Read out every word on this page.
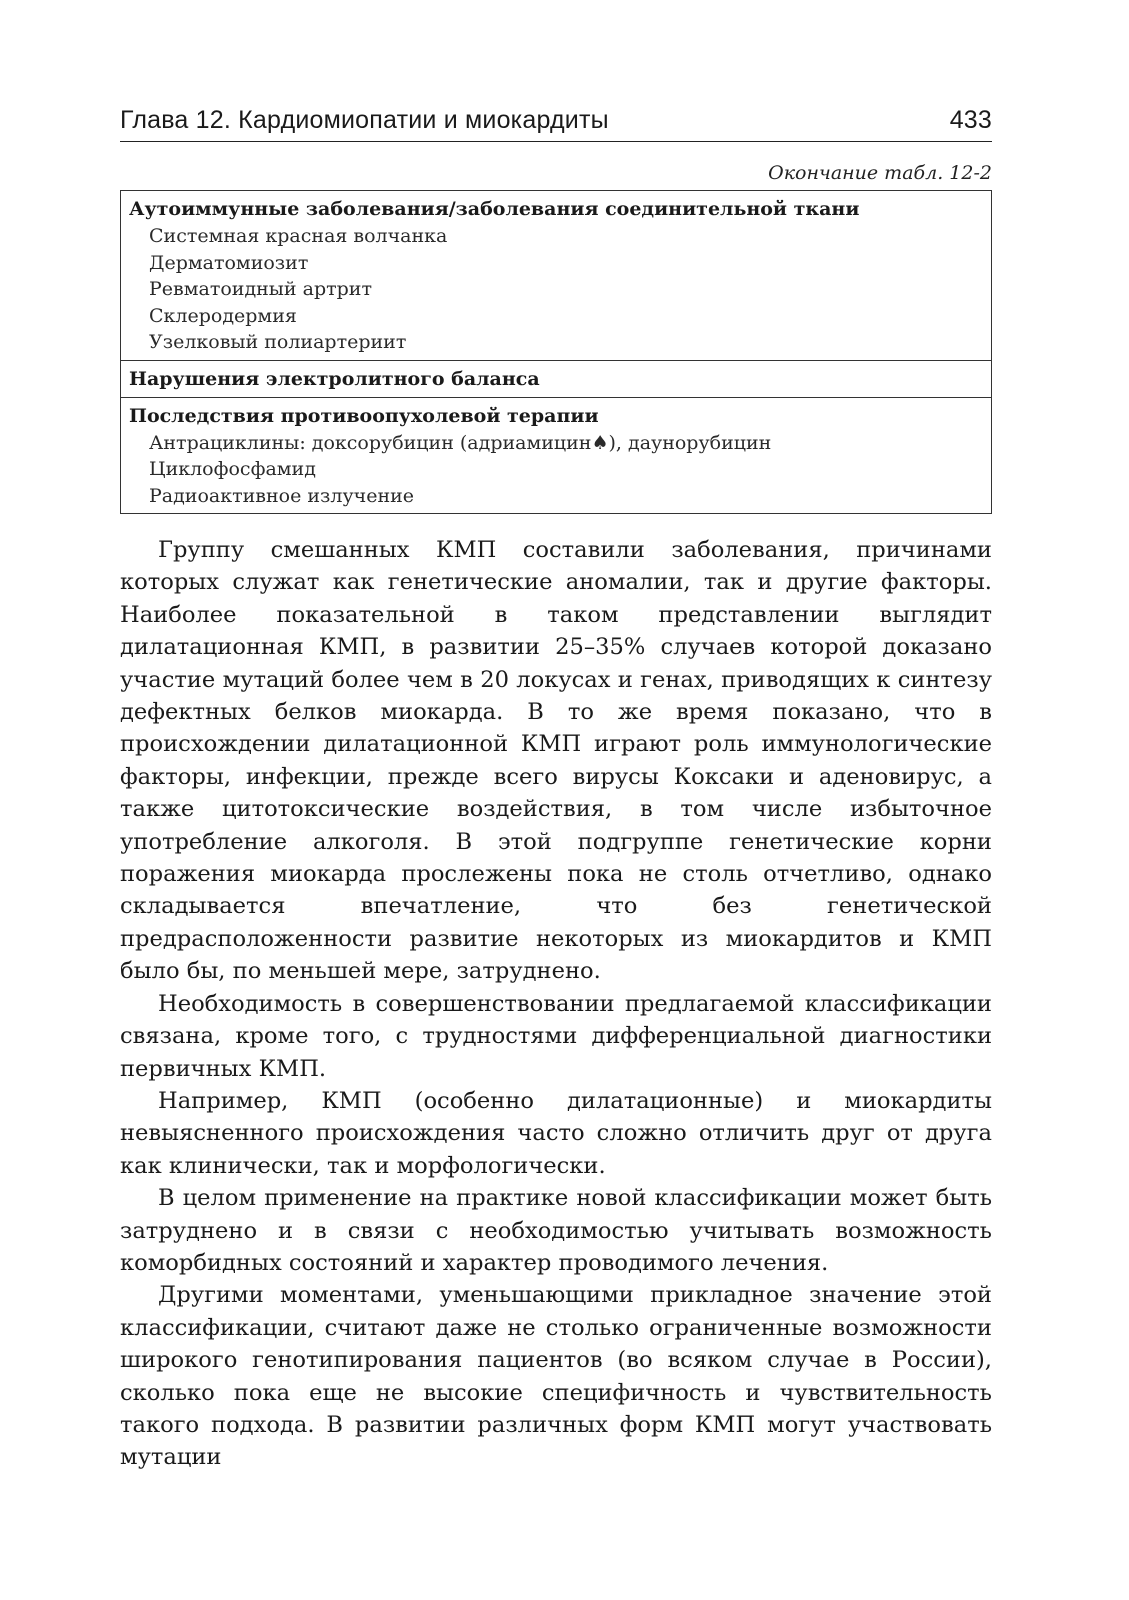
Глава 12. Кардиомиопатии и миокардиты	433
Окончание табл. 12-2
Аутоиммунные заболевания/заболевания соединительной ткани
Системная красная волчанка
Дерматомиозит
Ревматоидный артрит
Склеродермия
Узелковый полиартериит

Нарушения электролитного баланса

Последствия противоопухолевой терапии
Антрациклины: доксорубицин (адриамицин♠), даунорубицин
Циклофосфамид
Радиоактивное излучение

Группу смешанных КМП составили заболевания, причинами которых служат как генетические аномалии, так и другие факторы. Наиболее показательной в таком представлении выглядит дилатационная КМП, в развитии 25–35% случаев которой доказано участие мутаций более чем в 20 локусах и генах, приводящих к синтезу дефектных белков миокарда. В то же время показано, что в происхождении дилатационной КМП играют роль иммунологические факторы, инфекции, прежде всего вирусы Коксаки и аденовирус, а также цитотоксические воздействия, в том числе избыточное употребление алкоголя. В этой подгруппе генетические корни поражения миокарда прослежены пока не столь отчетливо, однако складывается впечатление, что без генетической предрасположенности развитие некоторых из миокардитов и КМП было бы, по меньшей мере, затруднено.

Необходимость в совершенствовании предлагаемой классификации связана, кроме того, с трудностями дифференциальной диагностики первичных КМП.

Например, КМП (особенно дилатационные) и миокардиты невыясненного происхождения часто сложно отличить друг от друга как клинически, так и морфологически.

В целом применение на практике новой классификации может быть затруднено и в связи с необходимостью учитывать возможность коморбидных состояний и характер проводимого лечения.

Другими моментами, уменьшающими прикладное значение этой классификации, считают даже не столько ограниченные возможности широкого генотипирования пациентов (во всяком случае в России), сколько пока еще не высокие специфичность и чувствительность такого подхода. В развитии различных форм КМП могут участвовать мутации
